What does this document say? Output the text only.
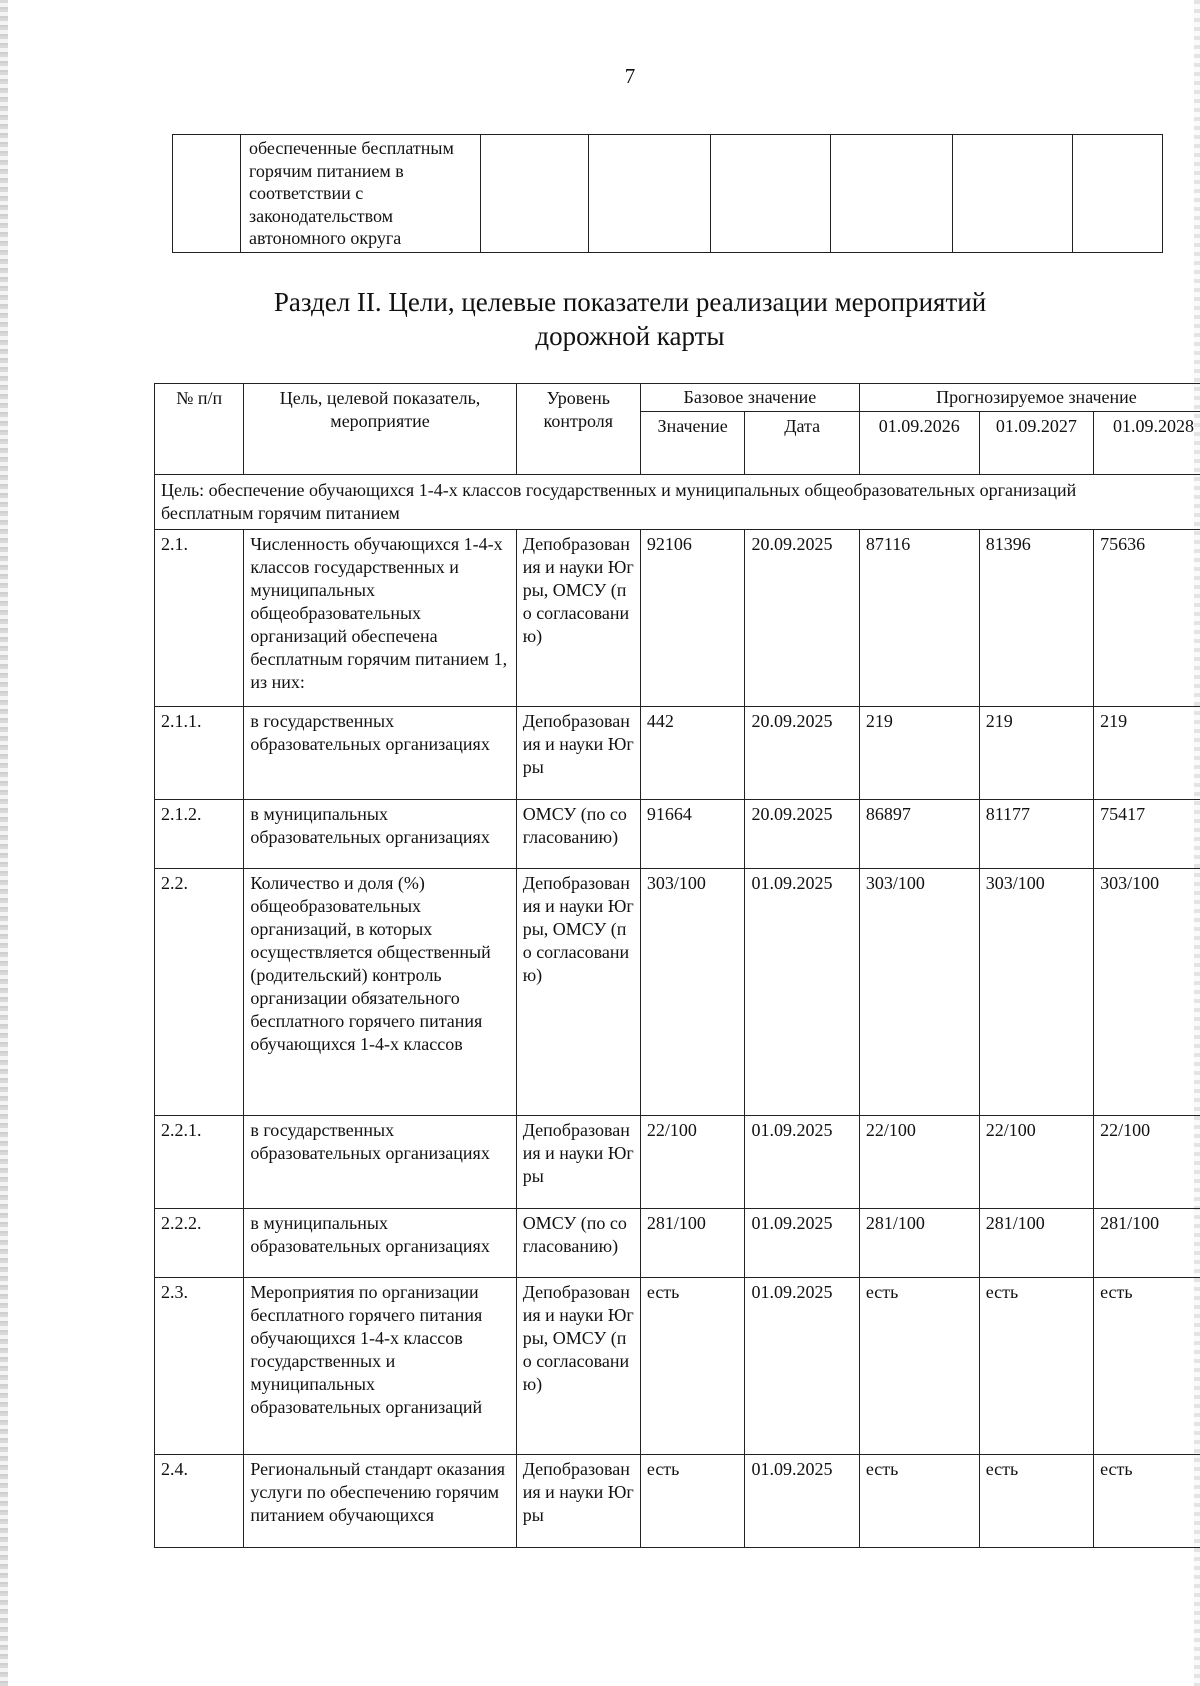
7
	обеспеченные бесплатным горячим питанием в соответствии с законодательством автономного округа						
Раздел II. Цели, целевые показатели реализации мероприятий
дорожной карты
№ п/п	Цель, целевой показатель, мероприятие	Уровень контроля	Базовое значение		Прогнозируемое значение		
			Значение	Дата	01.09.2026	01.09.2027	01.09.2028
Цель: обеспечение обучающихся 1-4-х классов государственных и муниципальных общеобразовательных организаций бесплатным горячим питанием							
2.1.	Численность обучающихся 1-4-х классов государственных и муниципальных общеобразовательных организаций обеспечена бесплатным горячим питанием 1, из них:	Депобразования и науки Югры, ОМСУ (по согласованию)	92106	20.09.2025	87116	81396	75636
2.1.1.	в государственных образовательных организациях	Депобразования и науки Югры	442	20.09.2025	219	219	219
2.1.2.	в муниципальных образовательных организациях	ОМСУ (по согласованию)	91664	20.09.2025	86897	81177	75417
2.2.	Количество и доля (%) общеобразовательных организаций, в которых осуществляется общественный (родительский) контроль организации обязательного бесплатного горячего питания обучающихся 1-4-х классов	Депобразования и науки Югры, ОМСУ (по согласованию)	303/100	01.09.2025	303/100	303/100	303/100
2.2.1.	в государственных образовательных организациях	Депобразования и науки Югры	22/100	01.09.2025	22/100	22/100	22/100
2.2.2.	в муниципальных образовательных организациях	ОМСУ (по согласованию)	281/100	01.09.2025	281/100	281/100	281/100
2.3.	Мероприятия по организации бесплатного горячего питания обучающихся 1-4-х классов государственных и муниципальных образовательных организаций	Депобразования и науки Югры, ОМСУ (по согласованию)	есть	01.09.2025	есть	есть	есть
2.4.	Региональный стандарт оказания услуги по обеспечению горячим питанием обучающихся	Депобразования и науки Югры	есть	01.09.2025	есть	есть	есть
